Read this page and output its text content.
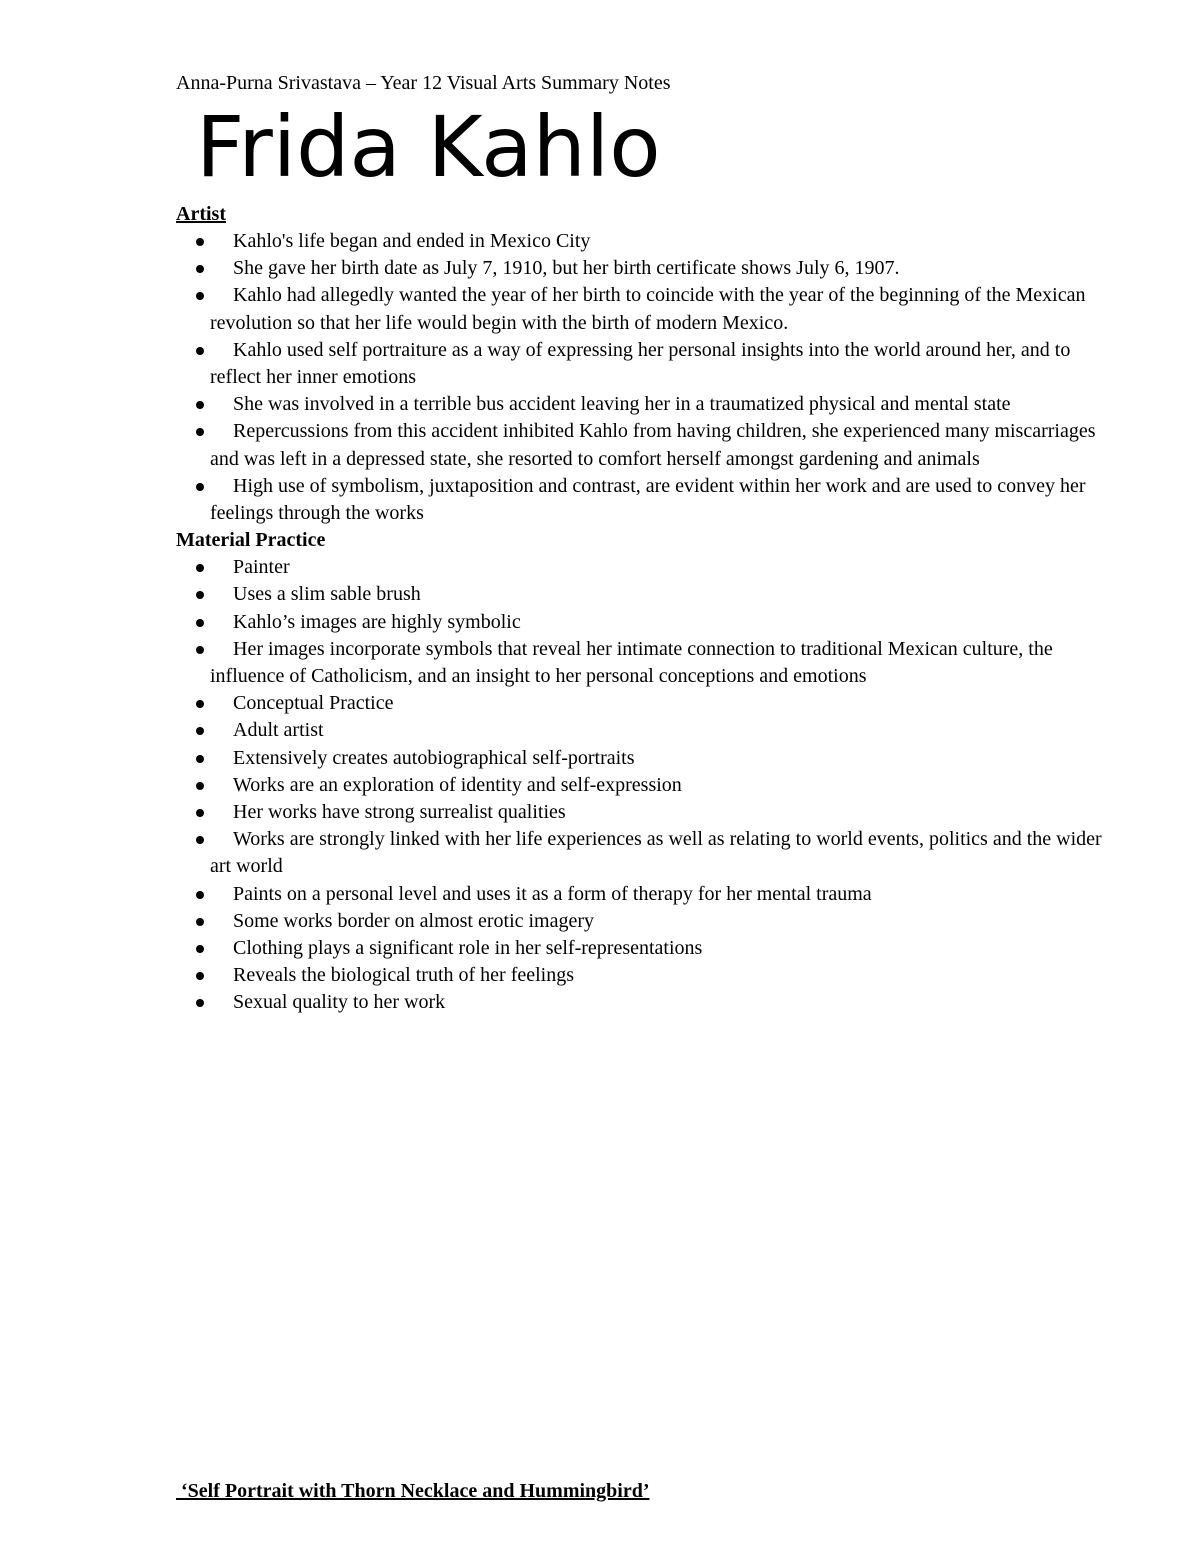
Anna-Purna Srivastava – Year 12 Visual Arts Summary Notes
Frida Kahlo
Artist
Kahlo's life began and ended in Mexico City
She gave her birth date as July 7, 1910, but her birth certificate shows July 6, 1907.
Kahlo had allegedly wanted the year of her birth to coincide with the year of the beginning of the Mexican revolution so that her life would begin with the birth of modern Mexico.
Kahlo used self portraiture as a way of expressing her personal insights into the world around her, and to reflect her inner emotions
She was involved in a terrible bus accident leaving her in a traumatized physical and mental state
Repercussions from this accident inhibited Kahlo from having children, she experienced many miscarriages and was left in a depressed state, she resorted to comfort herself amongst gardening and animals
High use of symbolism, juxtaposition and contrast, are evident within her work and are used to convey her feelings through the works
Material Practice
Painter
Uses a slim sable brush
Kahlo’s images are highly symbolic
Her images incorporate symbols that reveal her intimate connection to traditional Mexican culture, the influence of Catholicism, and an insight to her personal conceptions and emotions
Conceptual Practice
Adult artist
Extensively creates autobiographical self-portraits
Works are an exploration of identity and self-expression
Her works have strong surrealist qualities
Works are strongly linked with her life experiences as well as relating to world events, politics and the wider art world
Paints on a personal level and uses it as a form of therapy for her mental trauma
Some works border on almost erotic imagery
Clothing plays a significant role in her self-representations
Reveals the biological truth of her feelings
Sexual quality to her work
‘Self Portrait with Thorn Necklace and Hummingbird’
